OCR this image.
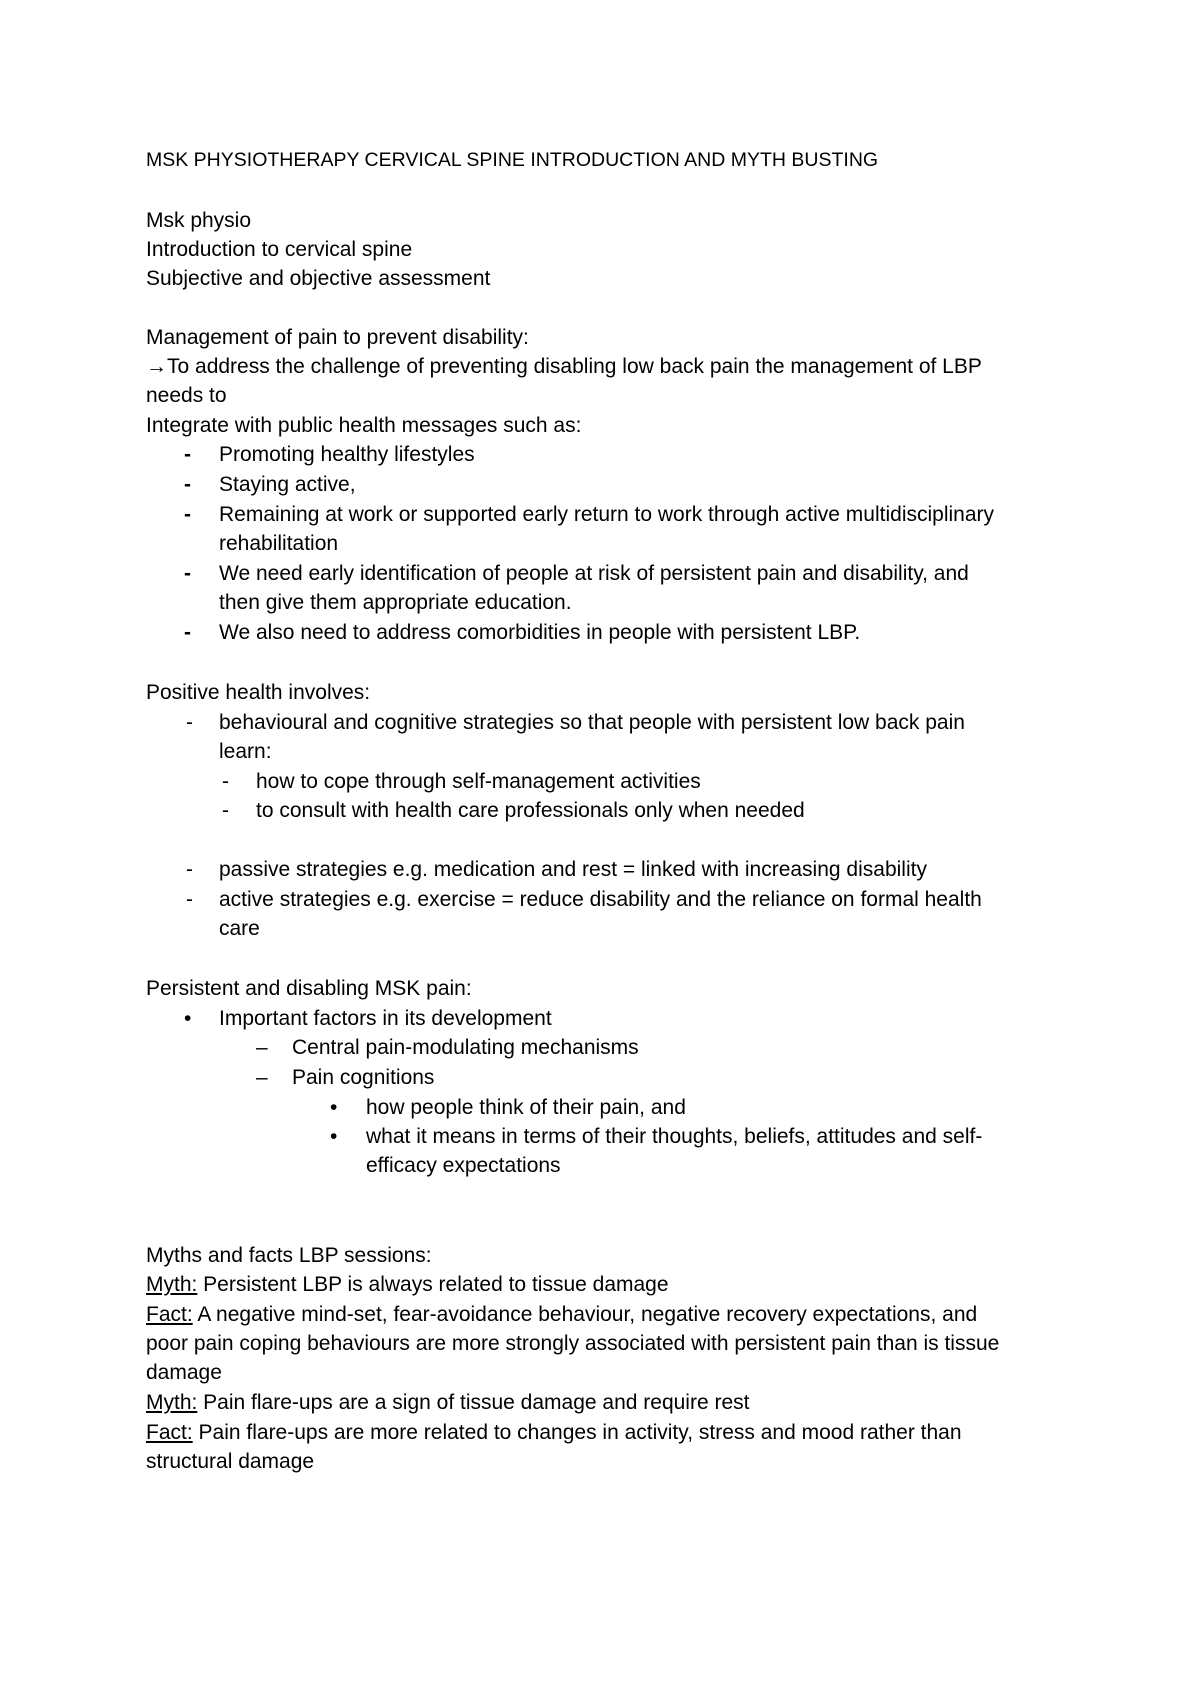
MSK PHYSIOTHERAPY CERVICAL SPINE INTRODUCTION AND MYTH BUSTING
Msk physio
Introduction to cervical spine
Subjective and objective assessment
Management of pain to prevent disability:
→To address the challenge of preventing disabling low back pain the management of LBP
needs to
Integrate with public health messages such as:
- Promoting healthy lifestyles
- Staying active,
- Remaining at work or supported early return to work through active multidisciplinary
rehabilitation
- We need early identification of people at risk of persistent pain and disability, and
then give them appropriate education.
- We also need to address comorbidities in people with persistent LBP.
Positive health involves:
- behavioural and cognitive strategies so that people with persistent low back pain
learn:
- how to cope through self-management activities
- to consult with health care professionals only when needed
- passive strategies e.g. medication and rest = linked with increasing disability
- active strategies e.g. exercise = reduce disability and the reliance on formal health
care
Persistent and disabling MSK pain:
• Important factors in its development
– Central pain-modulating mechanisms
– Pain cognitions
• how people think of their pain, and
• what it means in terms of their thoughts, beliefs, attitudes and self-
efficacy expectations
Myths and facts LBP sessions:
Myth: Persistent LBP is always related to tissue damage
Fact: A negative mind-set, fear-avoidance behaviour, negative recovery expectations, and
poor pain coping behaviours are more strongly associated with persistent pain than is tissue
damage
Myth: Pain flare-ups are a sign of tissue damage and require rest
Fact: Pain flare-ups are more related to changes in activity, stress and mood rather than
structural damage
